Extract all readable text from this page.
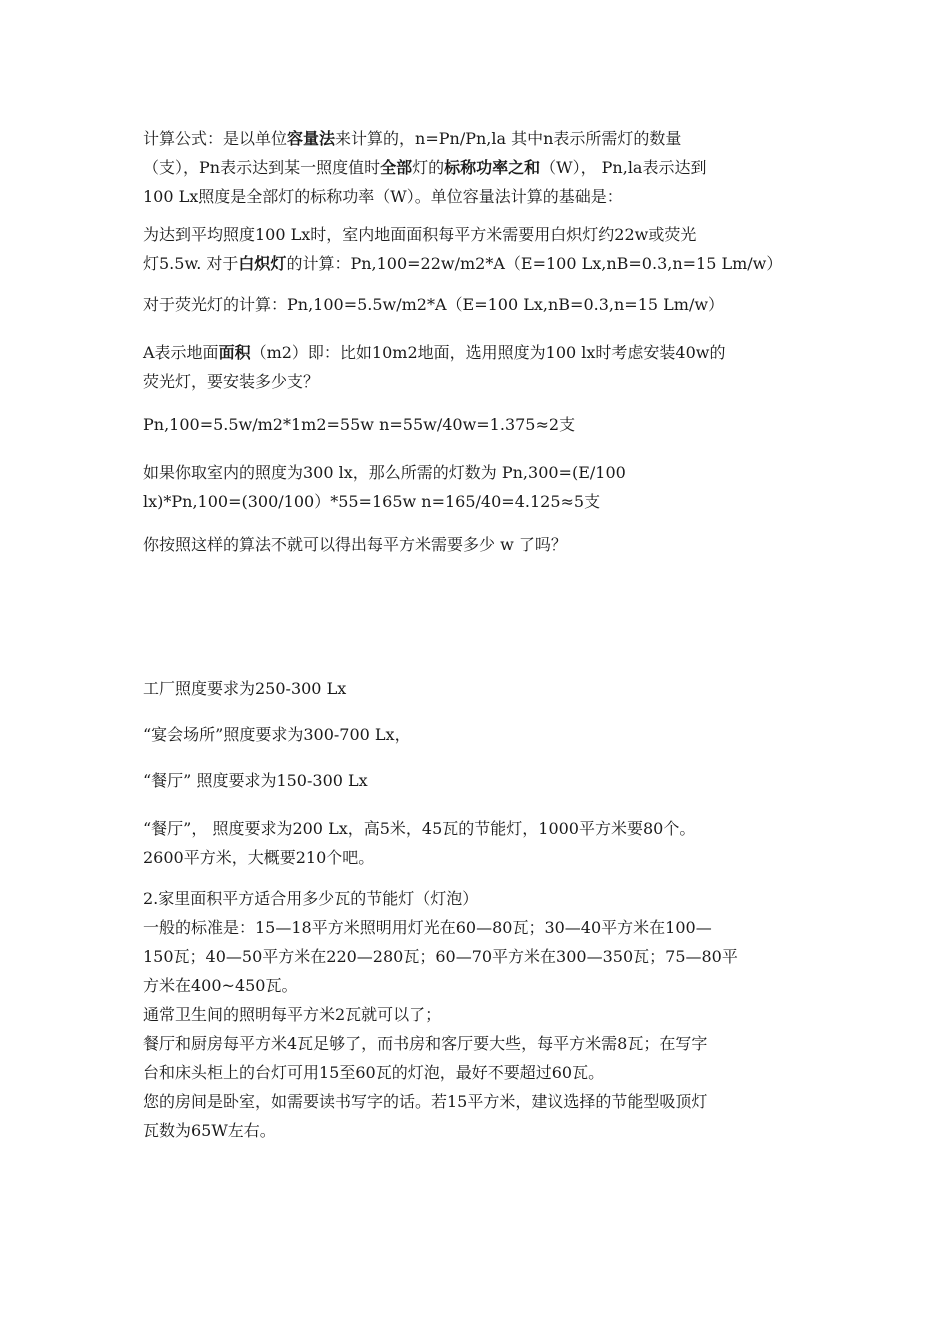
计算公式：是以单位容量法来计算的，n=Pn/Pn,la 其中n表示所需灯的数量
（支），Pn表示达到某一照度值时全部灯的标称功率之和（W）， Pn,la表示达到
100 Lx照度是全部灯的标称功率（W）。单位容量法计算的基础是：

为达到平均照度100 Lx时，室内地面面积每平方米需要用白炽灯约22w或荧光
灯5.5w. 对于白炽灯的计算：Pn,100=22w/m2*A（E=100 Lx,nB=0.3,n=15 Lm/w）

对于荧光灯的计算：Pn,100=5.5w/m2*A（E=100 Lx,nB=0.3,n=15 Lm/w）

A表示地面面积（m2）即：比如10m2地面，选用照度为100 lx时考虑安装40w的
荧光灯，要安装多少支？

Pn,100=5.5w/m2*1m2=55w n=55w/40w=1.375≈2支

如果你取室内的照度为300 lx，那么所需的灯数为 Pn,300=(E/100
lx)*Pn,100=(300/100）*55=165w n=165/40=4.125≈5支

你按照这样的算法不就可以得出每平方米需要多少 w 了吗？

工厂照度要求为250-300 Lx

“宴会场所”照度要求为300-700 Lx，

“餐厅” 照度要求为150-300 Lx

“餐厅”， 照度要求为200 Lx，高5米，45瓦的节能灯，1000平方米要80个。
2600平方米，大概要210个吧。

2.家里面积平方适合用多少瓦的节能灯（灯泡）
一般的标准是：15—18平方米照明用灯光在60—80瓦；30—40平方米在100—
150瓦；40—50平方米在220—280瓦；60—70平方米在300—350瓦；75—80平
方米在400~450瓦。
通常卫生间的照明每平方米2瓦就可以了；
餐厅和厨房每平方米4瓦足够了，而书房和客厅要大些，每平方米需8瓦；在写字
台和床头柜上的台灯可用15至60瓦的灯泡，最好不要超过60瓦。
您的房间是卧室，如需要读书写字的话。若15平方米，建议选择的节能型吸顶灯
瓦数为65W左右。
